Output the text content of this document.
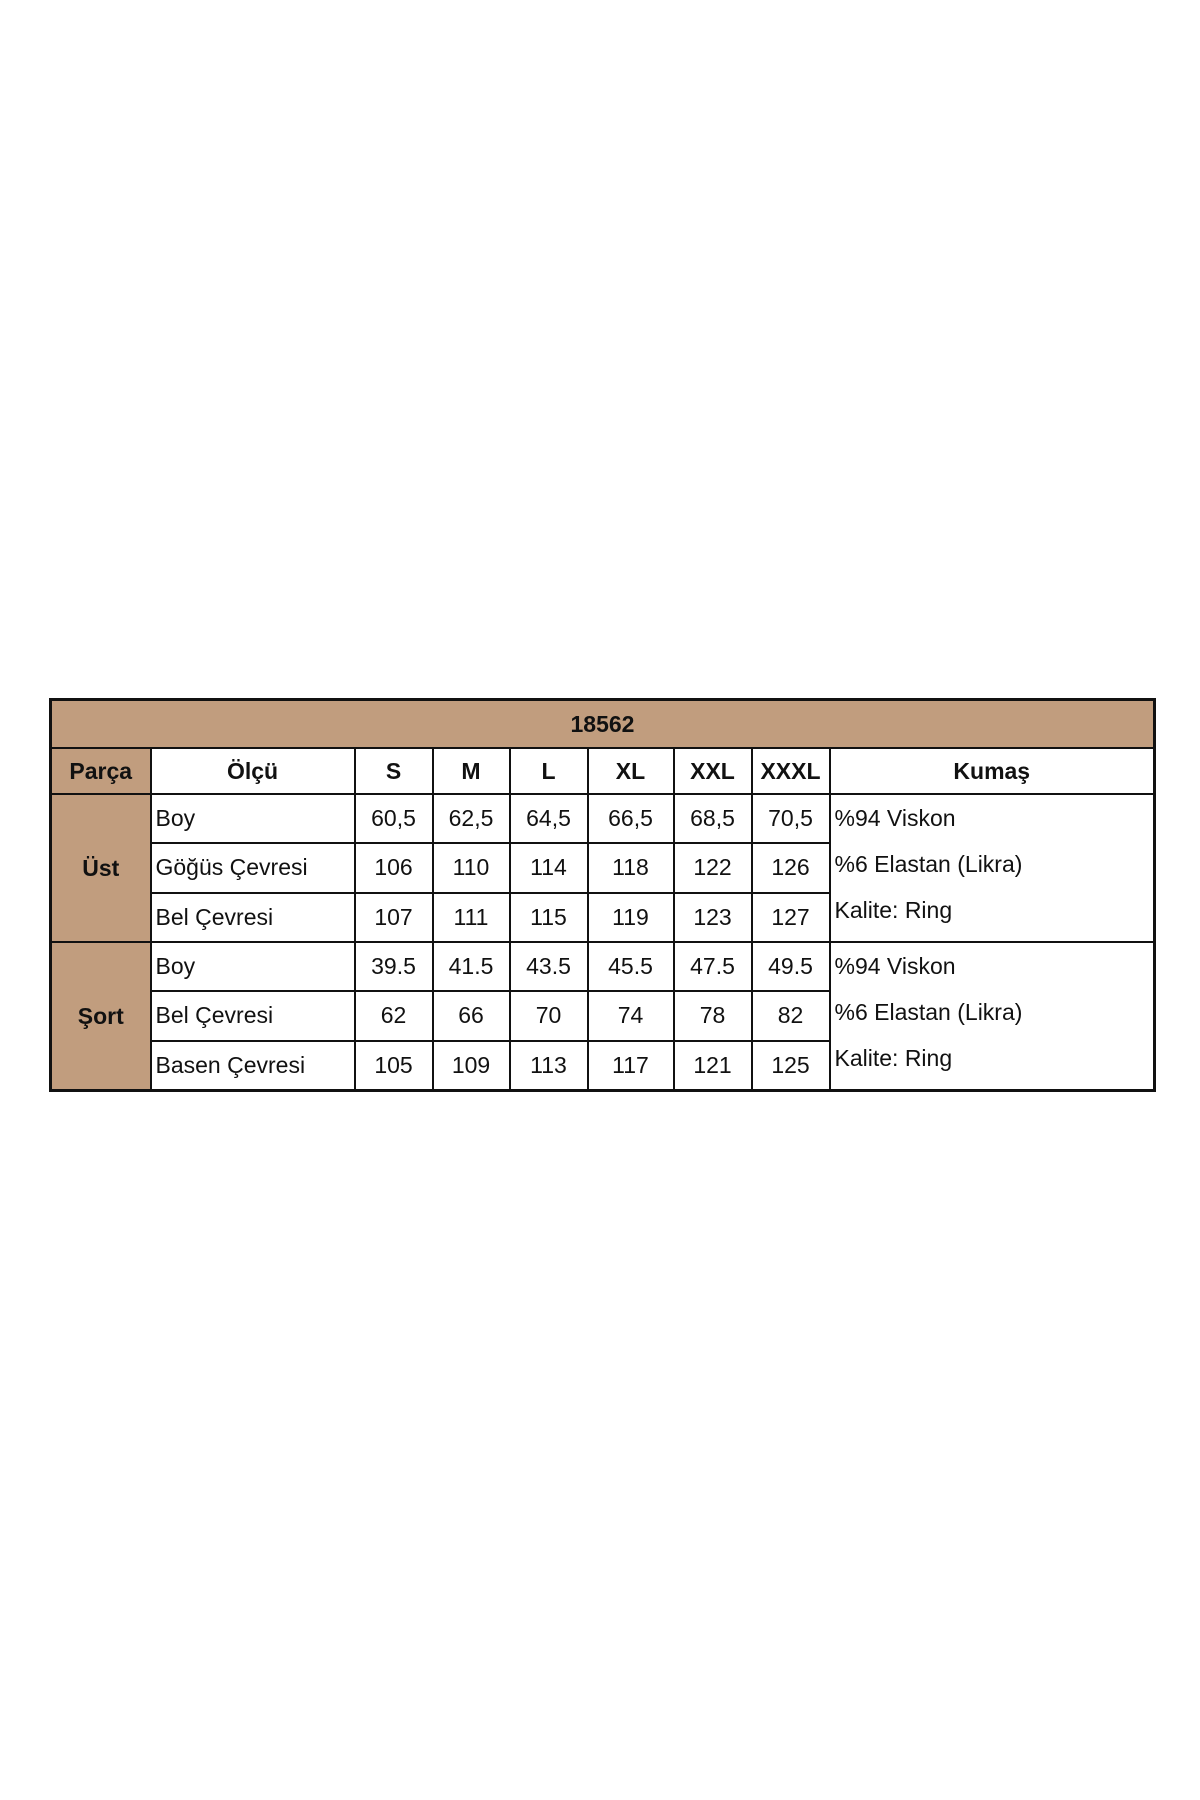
18562								
Parça	Ölçü	S	M	L	XL	XXL	XXXL	Kumaş
Üst	Boy	60,5	62,5	64,5	66,5	68,5	70,5	%94 Viskon
%6 Elastan (Likra)
Kalite: Ring

	Göğüs Çevresi	106	110	114	118	122	126	
	Bel Çevresi	107	111	115	119	123	127	
Şort	Boy	39.5	41.5	43.5	45.5	47.5	49.5	%94 Viskon
%6 Elastan (Likra)
Kalite: Ring

	Bel Çevresi	62	66	70	74	78	82	
	Basen Çevresi	105	109	113	117	121	125	
